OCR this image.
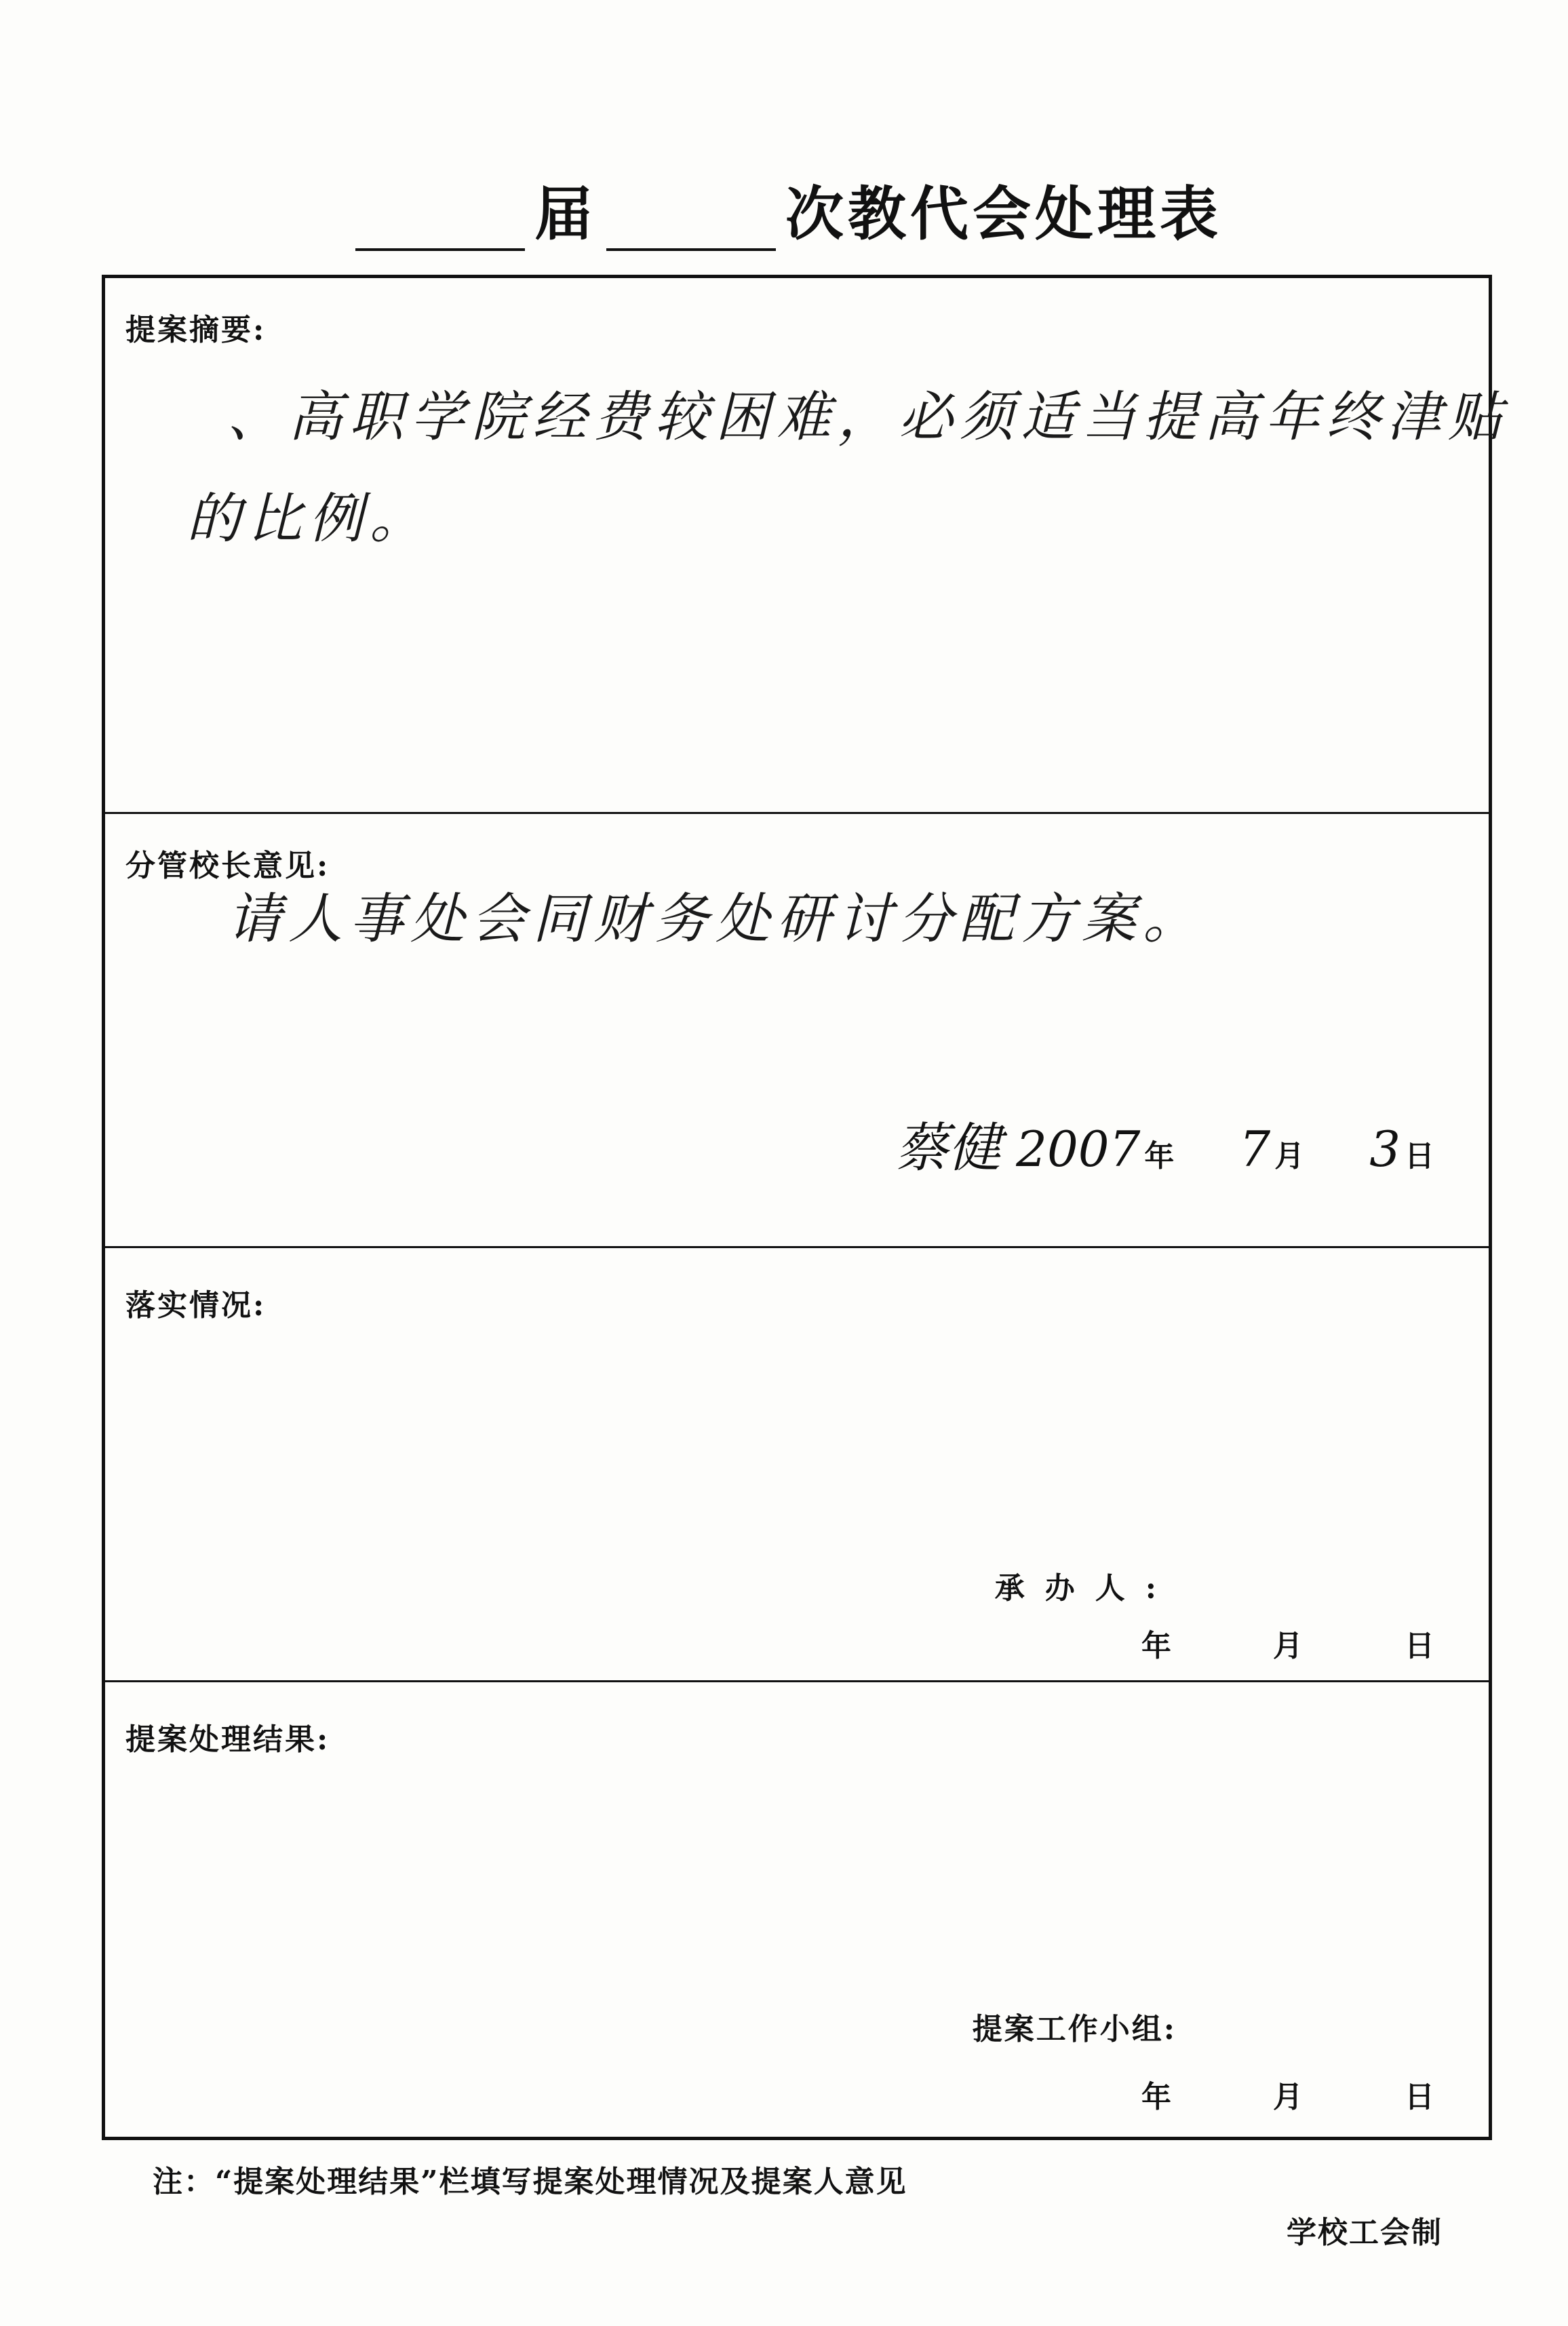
届	次教代会处理表
提案摘要:
、高职学院经费较困难，必须适当提高年终津贴
的比例。
分管校长意见:
请人事处会同财务处研讨分配方案。
蔡健 2007 年 7 月 3 日
落实情况:
承办人:
年	月	日
提案处理结果:
提案工作小组:
年	月	日
注：“提案处理结果”栏填写提案处理情况及提案人意见
学校工会制
